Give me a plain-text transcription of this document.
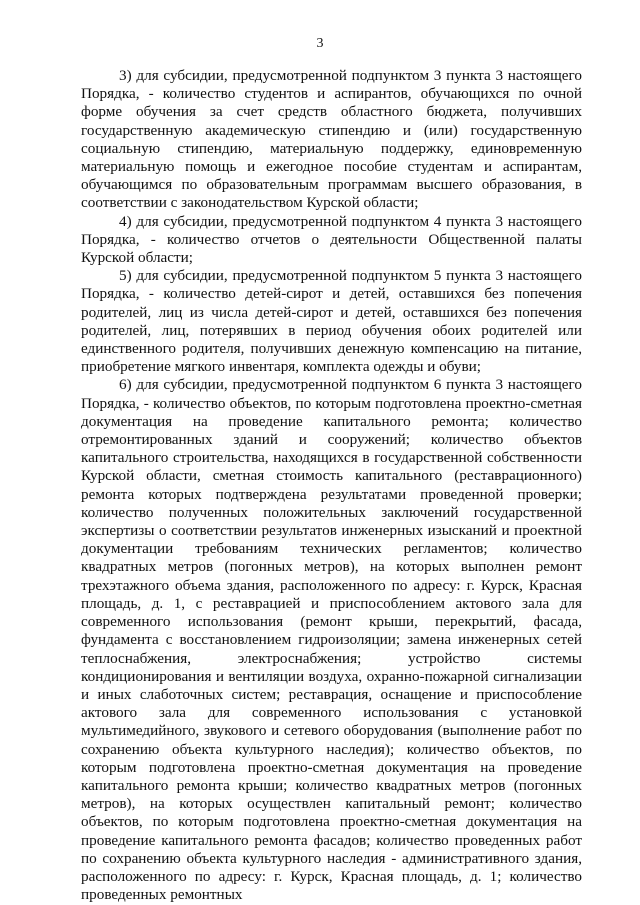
3

3) для субсидии, предусмотренной подпунктом 3 пункта 3 настоящего Порядка, - количество студентов и аспирантов, обучающихся по очной форме обучения за счет средств областного бюджета, получивших государственную академическую стипендию и (или) государственную социальную стипендию, материальную поддержку, единовременную материальную помощь и ежегодное пособие студентам и аспирантам, обучающимся по образовательным программам высшего образования, в соответствии с законодательством Курской области;

4) для субсидии, предусмотренной подпунктом 4 пункта 3 настоящего Порядка, - количество отчетов о деятельности Общественной палаты Курской области;

5) для субсидии, предусмотренной подпунктом 5 пункта 3 настоящего Порядка, - количество детей-сирот и детей, оставшихся без попечения родителей, лиц из числа детей-сирот и детей, оставшихся без попечения родителей, лиц, потерявших в период обучения обоих родителей или единственного родителя, получивших денежную компенсацию на питание, приобретение мягкого инвентаря, комплекта одежды и обуви;

6) для субсидии, предусмотренной подпунктом 6 пункта 3 настоящего Порядка, - количество объектов, по которым подготовлена проектно-сметная документация на проведение капитального ремонта; количество отремонтированных зданий и сооружений; количество объектов капитального строительства, находящихся в государственной собственности Курской области, сметная стоимость капитального (реставрационного) ремонта которых подтверждена результатами проведенной проверки; количество полученных положительных заключений государственной экспертизы о соответствии результатов инженерных изысканий и проектной документации требованиям технических регламентов; количество квадратных метров (погонных метров), на которых выполнен ремонт трехэтажного объема здания, расположенного по адресу: г. Курск, Красная площадь, д. 1, с реставрацией и приспособлением актового зала для современного использования (ремонт крыши, перекрытий, фасада, фундамента с восстановлением гидроизоляции; замена инженерных сетей теплоснабжения, электроснабжения; устройство системы кондиционирования и вентиляции воздуха, охранно-пожарной сигнализации и иных слаботочных систем; реставрация, оснащение и приспособление актового зала для современного использования с установкой мультимедийного, звукового и сетевого оборудования (выполнение работ по сохранению объекта культурного наследия); количество объектов, по которым подготовлена проектно-сметная документация на проведение капитального ремонта крыши; количество квадратных метров (погонных метров), на которых осуществлен капитальный ремонт; количество объектов, по которым подготовлена проектно-сметная документация на проведение капитального ремонта фасадов; количество проведенных работ по сохранению объекта культурного наследия - административного здания, расположенного по адресу: г. Курск, Красная площадь, д. 1; количество проведенных ремонтных
